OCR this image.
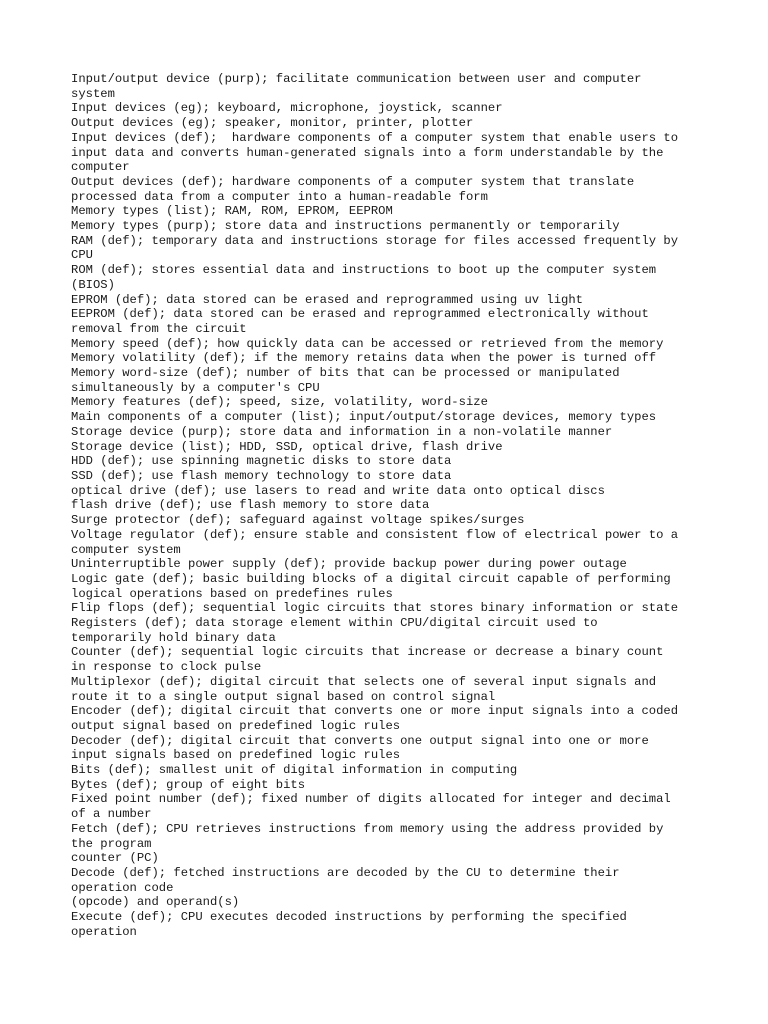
Input/output device (purp); facilitate communication between user and computer
system
Input devices (eg); keyboard, microphone, joystick, scanner
Output devices (eg); speaker, monitor, printer, plotter
Input devices (def);  hardware components of a computer system that enable users to
input data and converts human-generated signals into a form understandable by the
computer
Output devices (def); hardware components of a computer system that translate
processed data from a computer into a human-readable form
Memory types (list); RAM, ROM, EPROM, EEPROM
Memory types (purp); store data and instructions permanently or temporarily
RAM (def); temporary data and instructions storage for files accessed frequently by
CPU
ROM (def); stores essential data and instructions to boot up the computer system
(BIOS)
EPROM (def); data stored can be erased and reprogrammed using uv light
EEPROM (def); data stored can be erased and reprogrammed electronically without
removal from the circuit
Memory speed (def); how quickly data can be accessed or retrieved from the memory
Memory volatility (def); if the memory retains data when the power is turned off
Memory word-size (def); number of bits that can be processed or manipulated
simultaneously by a computer's CPU
Memory features (def); speed, size, volatility, word-size
Main components of a computer (list); input/output/storage devices, memory types
Storage device (purp); store data and information in a non-volatile manner
Storage device (list); HDD, SSD, optical drive, flash drive
HDD (def); use spinning magnetic disks to store data
SSD (def); use flash memory technology to store data
optical drive (def); use lasers to read and write data onto optical discs
flash drive (def); use flash memory to store data
Surge protector (def); safeguard against voltage spikes/surges
Voltage regulator (def); ensure stable and consistent flow of electrical power to a
computer system
Uninterruptible power supply (def); provide backup power during power outage
Logic gate (def); basic building blocks of a digital circuit capable of performing
logical operations based on predefines rules
Flip flops (def); sequential logic circuits that stores binary information or state
Registers (def); data storage element within CPU/digital circuit used to
temporarily hold binary data
Counter (def); sequential logic circuits that increase or decrease a binary count
in response to clock pulse
Multiplexor (def); digital circuit that selects one of several input signals and
route it to a single output signal based on control signal
Encoder (def); digital circuit that converts one or more input signals into a coded
output signal based on predefined logic rules
Decoder (def); digital circuit that converts one output signal into one or more
input signals based on predefined logic rules
Bits (def); smallest unit of digital information in computing
Bytes (def); group of eight bits
Fixed point number (def); fixed number of digits allocated for integer and decimal
of a number
Fetch (def); CPU retrieves instructions from memory using the address provided by
the program
counter (PC)
Decode (def); fetched instructions are decoded by the CU to determine their
operation code
(opcode) and operand(s)
Execute (def); CPU executes decoded instructions by performing the specified
operation
